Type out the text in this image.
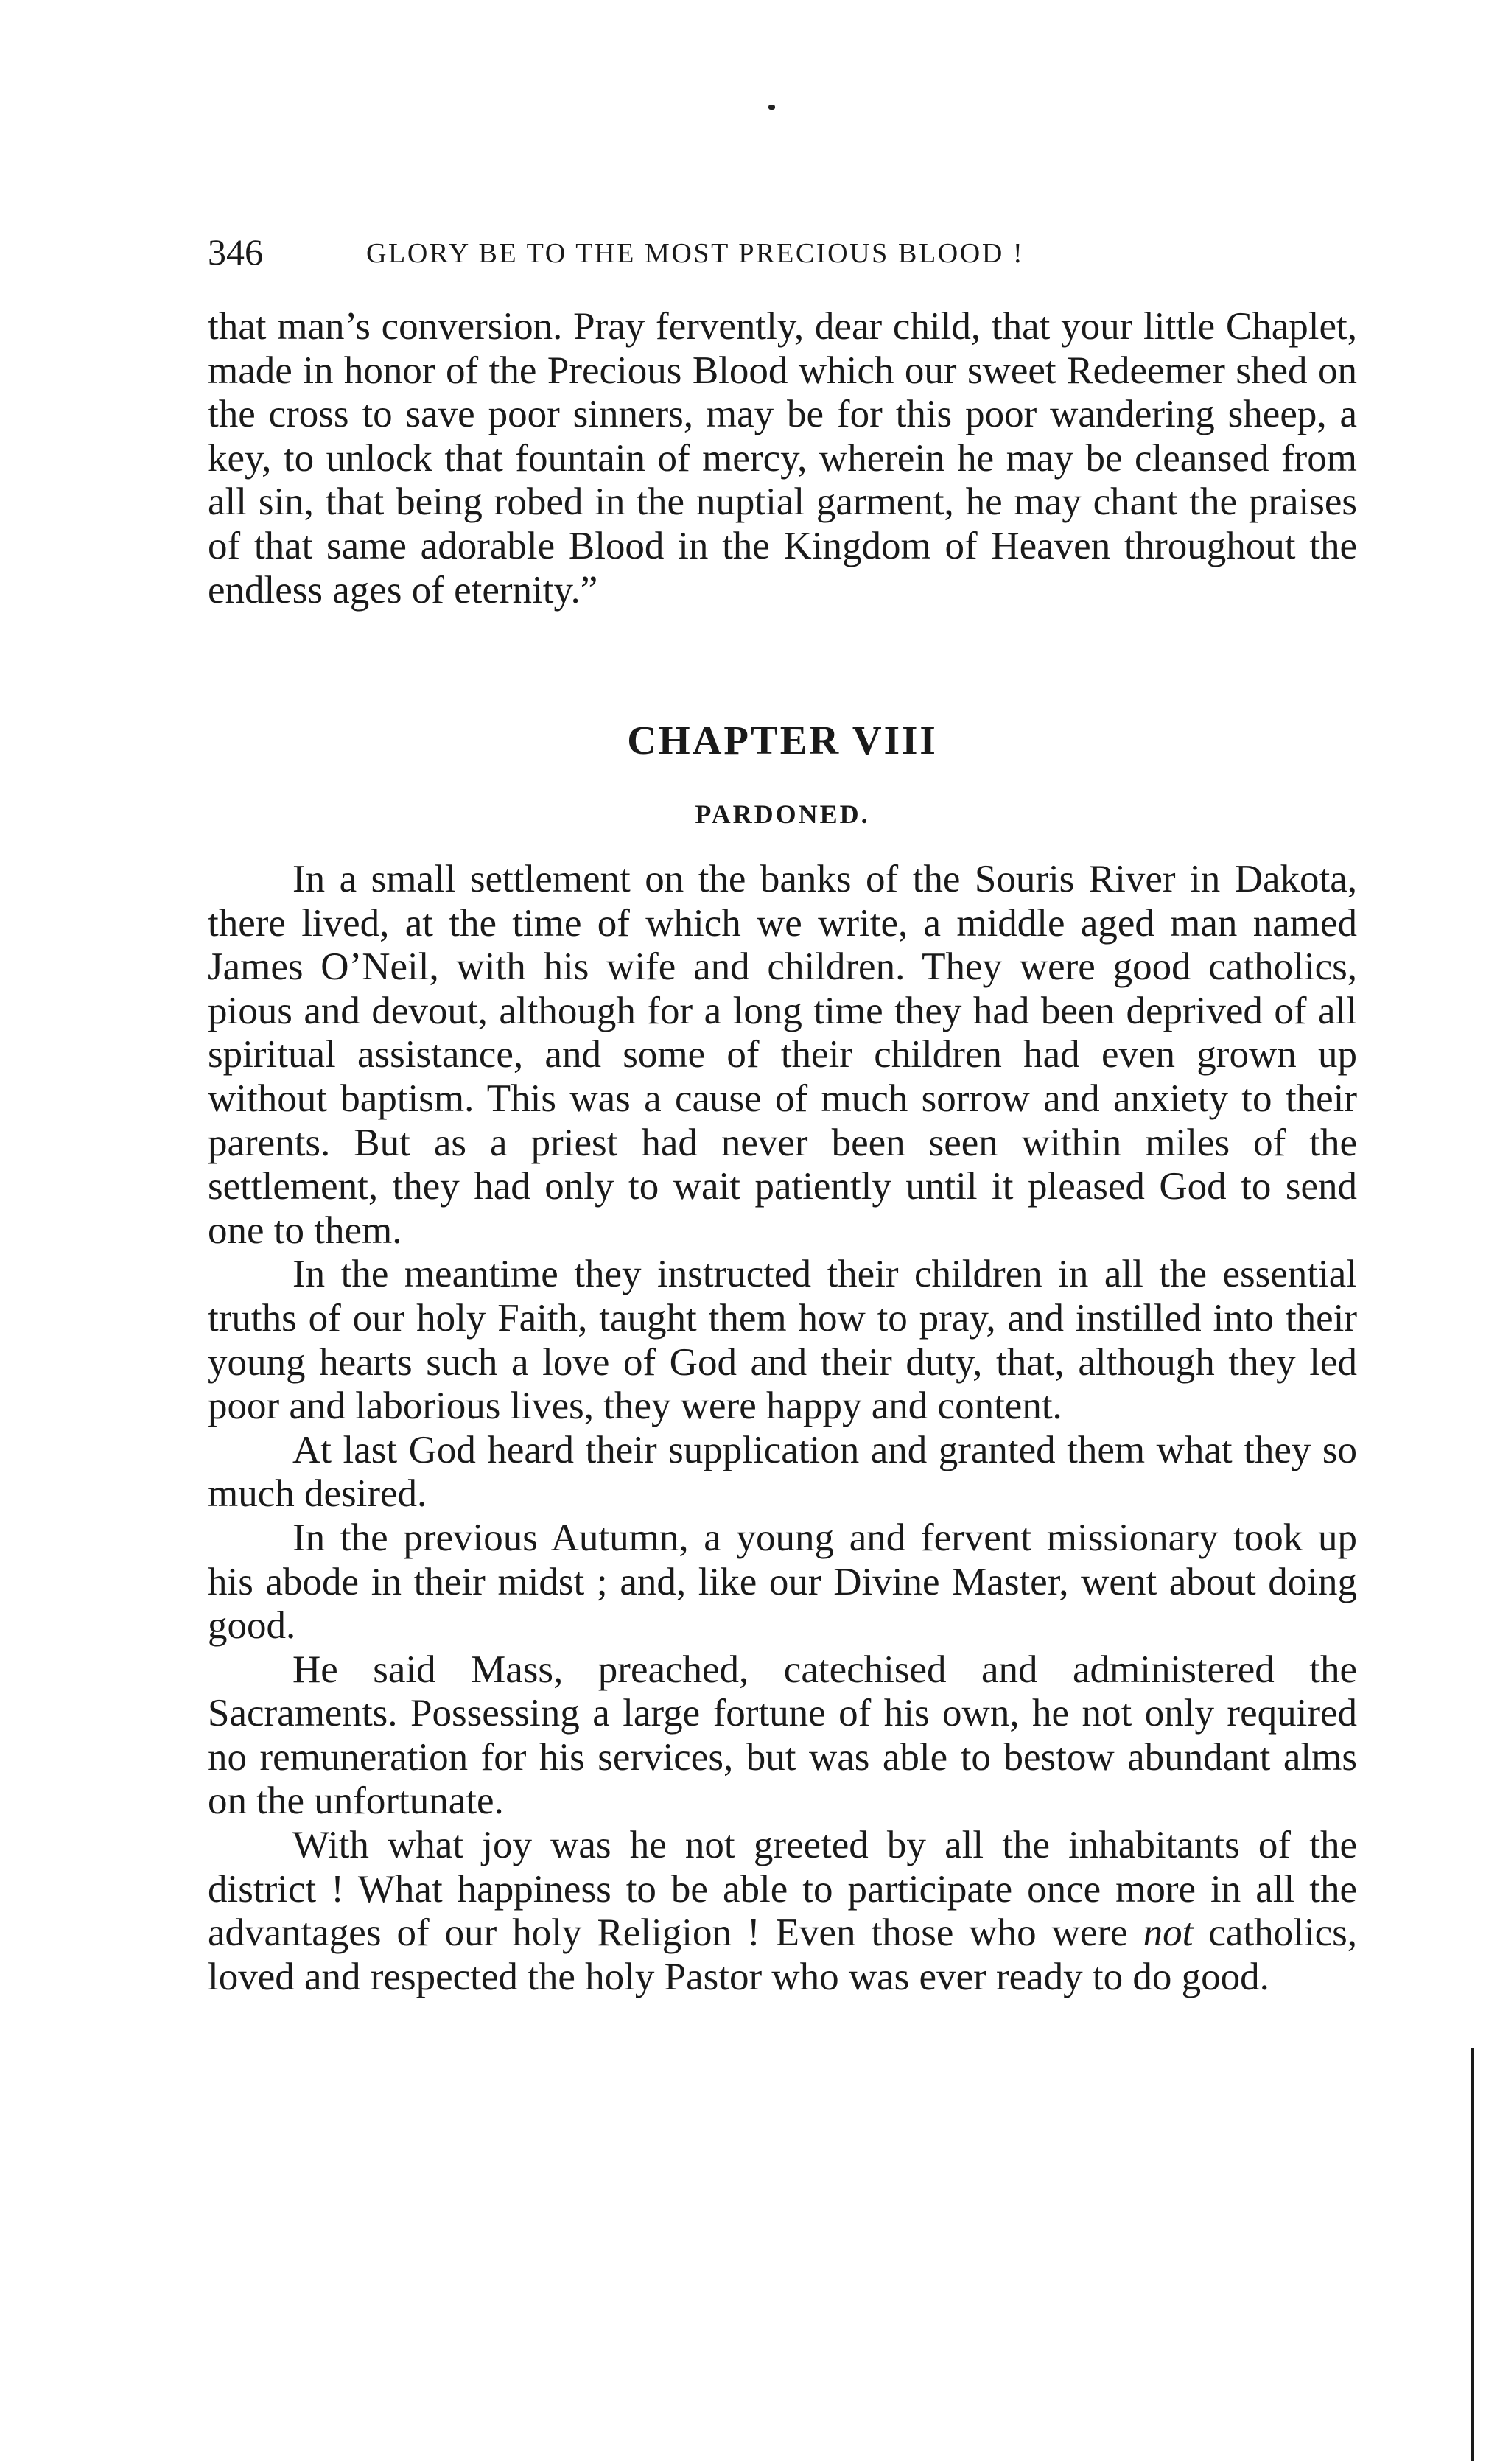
346	GLORY BE TO THE MOST PRECIOUS BLOOD !

that man’s conversion. Pray fervently, dear child, that your little Chaplet, made in honor of the Precious Blood which our sweet Redeemer shed on the cross to save poor sinners, may be for this poor wandering sheep, a key, to unlock that fountain of mercy, wherein he may be cleansed from all sin, that being robed in the nuptial garment, he may chant the praises of that same adorable Blood in the Kingdom of Heaven throughout the endless ages of eternity.”

CHAPTER VIII
PARDONED.

In a small settlement on the banks of the Souris River in Dakota, there lived, at the time of which we write, a middle aged man named James O’Neil, with his wife and children. They were good catholics, pious and devout, although for a long time they had been deprived of all spiritual assistance, and some of their children had even grown up without baptism. This was a cause of much sorrow and anxiety to their parents. But as a priest had never been seen within miles of the settlement, they had only to wait patiently until it pleased God to send one to them.

In the meantime they instructed their children in all the essential truths of our holy Faith, taught them how to pray, and instilled into their young hearts such a love of God and their duty, that, although they led poor and laborious lives, they were happy and content.

At last God heard their supplication and granted them what they so much desired.

In the previous Autumn, a young and fervent missionary took up his abode in their midst ; and, like our Divine Master, went about doing good.

He said Mass, preached, catechised and administered the Sacraments. Possessing a large fortune of his own, he not only required no remuneration for his services, but was able to bestow abundant alms on the unfortunate.

With what joy was he not greeted by all the inhabitants of the district ! What happiness to be able to participate once more in all the advantages of our holy Religion ! Even those who were not catholics, loved and respected the holy Pastor who was ever ready to do good.
